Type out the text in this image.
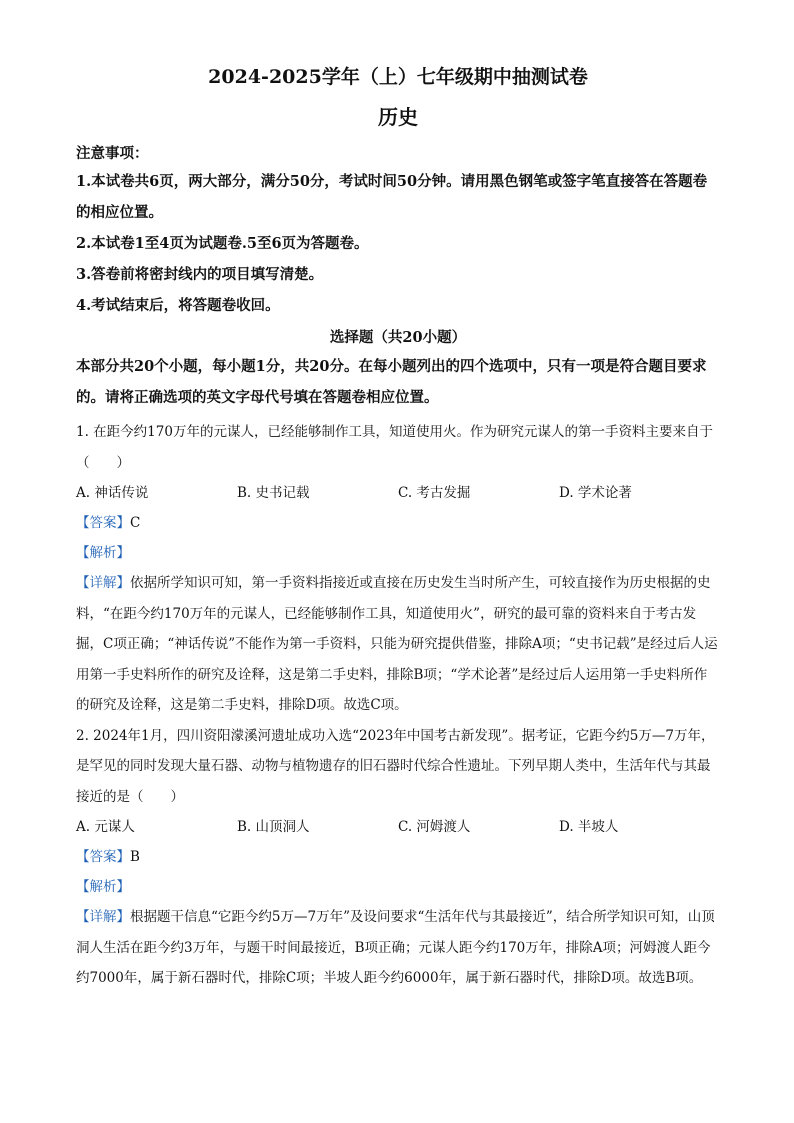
2024-2025学年（上）七年级期中抽测试卷
历史
注意事项：
1.本试卷共6页，两大部分，满分50分，考试时间50分钟。请用黑色钢笔或签字笔直接答在答题卷的相应位置。
2.本试卷1至4页为试题卷.5至6页为答题卷。
3.答卷前将密封线内的项目填写清楚。
4.考试结束后，将答题卷收回。
选择题（共20小题）
本部分共20个小题，每小题1分，共20分。在每小题列出的四个选项中，只有一项是符合题目要求的。请将正确选项的英文字母代号填在答题卷相应位置。
1. 在距今约170万年的元谋人，已经能够制作工具，知道使用火。作为研究元谋人的第一手资料主要来自于（　　）
A. 神话传说	B. 史书记载	C. 考古发掘	D. 学术论著
【答案】C
【解析】
【详解】依据所学知识可知，第一手资料指接近或直接在历史发生当时所产生，可较直接作为历史根据的史料，“在距今约170万年的元谋人，已经能够制作工具，知道使用火”，研究的最可靠的资料来自于考古发掘，C项正确；“神话传说”不能作为第一手资料，只能为研究提供借鉴，排除A项；“史书记载”是经过后人运用第一手史料所作的研究及诠释，这是第二手史料，排除B项；“学术论著”是经过后人运用第一手史料所作的研究及诠释，这是第二手史料，排除D项。故选C项。
2. 2024年1月，四川资阳濛溪河遗址成功入选“2023年中国考古新发现”。据考证，它距今约5万—7万年，是罕见的同时发现大量石器、动物与植物遗存的旧石器时代综合性遗址。下列早期人类中，生活年代与其最接近的是（　　）
A. 元谋人	B. 山顶洞人	C. 河姆渡人	D. 半坡人
【答案】B
【解析】
【详解】根据题干信息“它距今约5万—7万年”及设问要求“生活年代与其最接近”，结合所学知识可知，山顶洞人生活在距今约3万年，与题干时间最接近，B项正确；元谋人距今约170万年，排除A项；河姆渡人距今约7000年，属于新石器时代，排除C项；半坡人距今约6000年，属于新石器时代，排除D项。故选B项。
